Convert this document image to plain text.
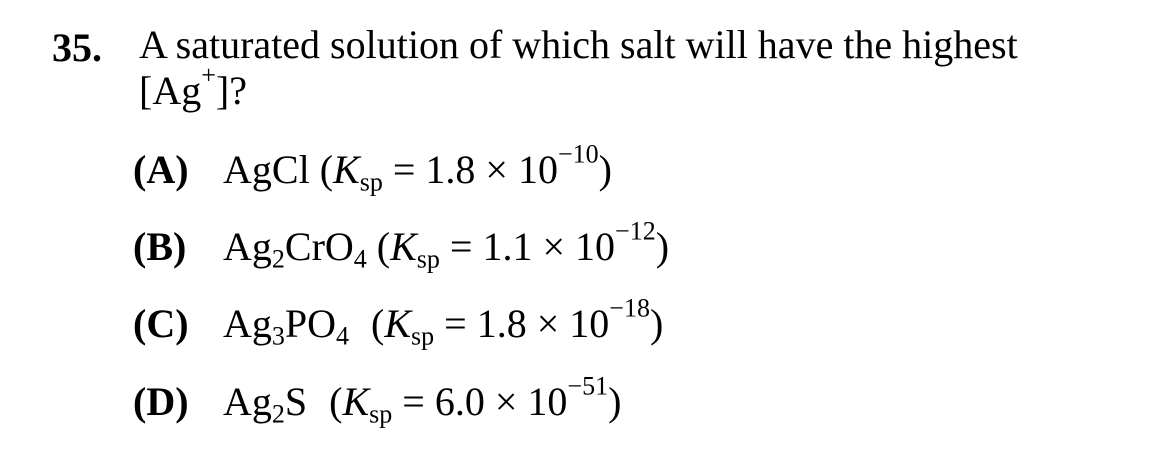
35. A saturated solution of which salt will have the highest
[Ag+]?
(A) AgCl $(Ksp = 1.8 \times 10^{-10})$
(B) $Ag_2CrO_4$ $(Ksp = 1.1 \times 10^{-12})$
(C) $Ag_3PO_4$ $(Ksp = 1.8 \times 10^{-18})$
(D) $Ag_2S$ $(Ksp = 6.0 \times 10^{-51})$
